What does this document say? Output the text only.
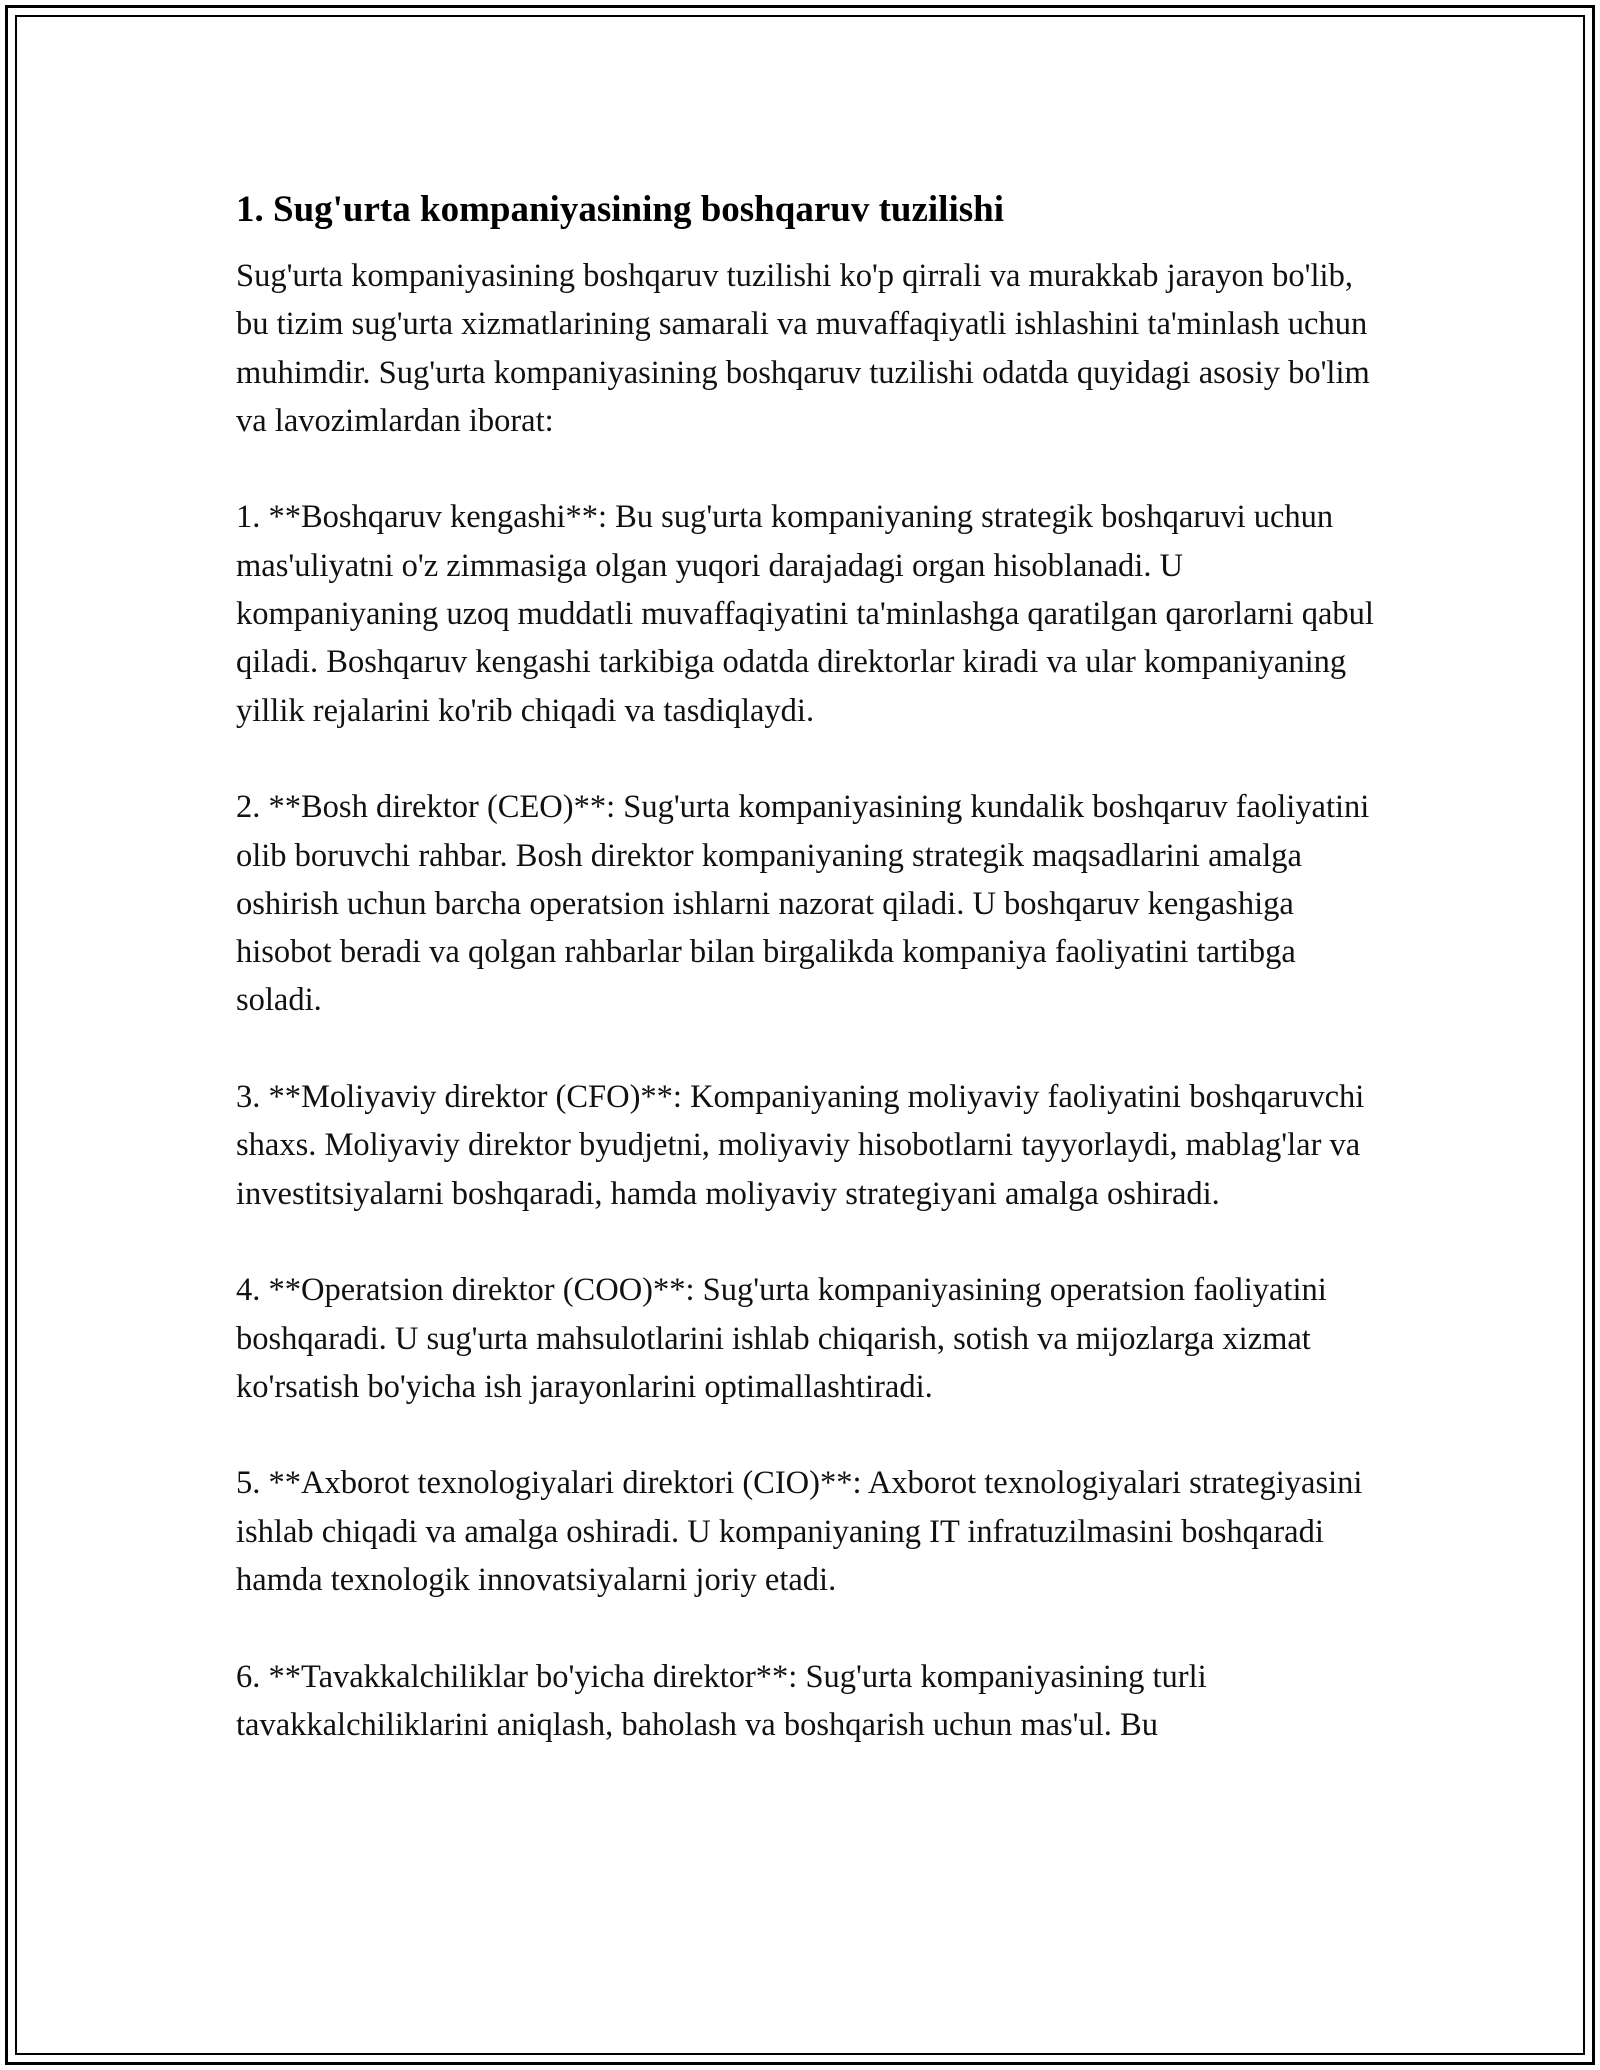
1. Sug'urta kompaniyasining boshqaruv tuzilishi

Sug'urta kompaniyasining boshqaruv tuzilishi ko'p qirrali va murakkab jarayon bo'lib, bu tizim sug'urta xizmatlarining samarali va muvaffaqiyatli ishlashini ta'minlash uchun muhimdir. Sug'urta kompaniyasining boshqaruv tuzilishi odatda quyidagi asosiy bo'lim va lavozimlardan iborat:

1. **Boshqaruv kengashi**: Bu sug'urta kompaniyaning strategik boshqaruvi uchun mas'uliyatni o'z zimmasiga olgan yuqori darajadagi organ hisoblanadi. U kompaniyaning uzoq muddatli muvaffaqiyatini ta'minlashga qaratilgan qarorlarni qabul qiladi. Boshqaruv kengashi tarkibiga odatda direktorlar kiradi va ular kompaniyaning yillik rejalarini ko'rib chiqadi va tasdiqlaydi.

2. **Bosh direktor (CEO)**: Sug'urta kompaniyasining kundalik boshqaruv faoliyatini olib boruvchi rahbar. Bosh direktor kompaniyaning strategik maqsadlarini amalga oshirish uchun barcha operatsion ishlarni nazorat qiladi. U boshqaruv kengashiga hisobot beradi va qolgan rahbarlar bilan birgalikda kompaniya faoliyatini tartibga soladi.

3. **Moliyaviy direktor (CFO)**: Kompaniyaning moliyaviy faoliyatini boshqaruvchi shaxs. Moliyaviy direktor byudjetni, moliyaviy hisobotlarni tayyorlaydi, mablag'lar va investitsiyalarni boshqaradi, hamda moliyaviy strategiyani amalga oshiradi.

4. **Operatsion direktor (COO)**: Sug'urta kompaniyasining operatsion faoliyatini boshqaradi. U sug'urta mahsulotlarini ishlab chiqarish, sotish va mijozlarga xizmat ko'rsatish bo'yicha ish jarayonlarini optimallashtiradi.

5. **Axborot texnologiyalari direktori (CIO)**: Axborot texnologiyalari strategiyasini ishlab chiqadi va amalga oshiradi. U kompaniyaning IT infratuzilmasini boshqaradi hamda texnologik innovatsiyalarni joriy etadi.

6. **Tavakkalchiliklar bo'yicha direktor**: Sug'urta kompaniyasining turli tavakkalchiliklarini aniqlash, baholash va boshqarish uchun mas'ul. Bu
